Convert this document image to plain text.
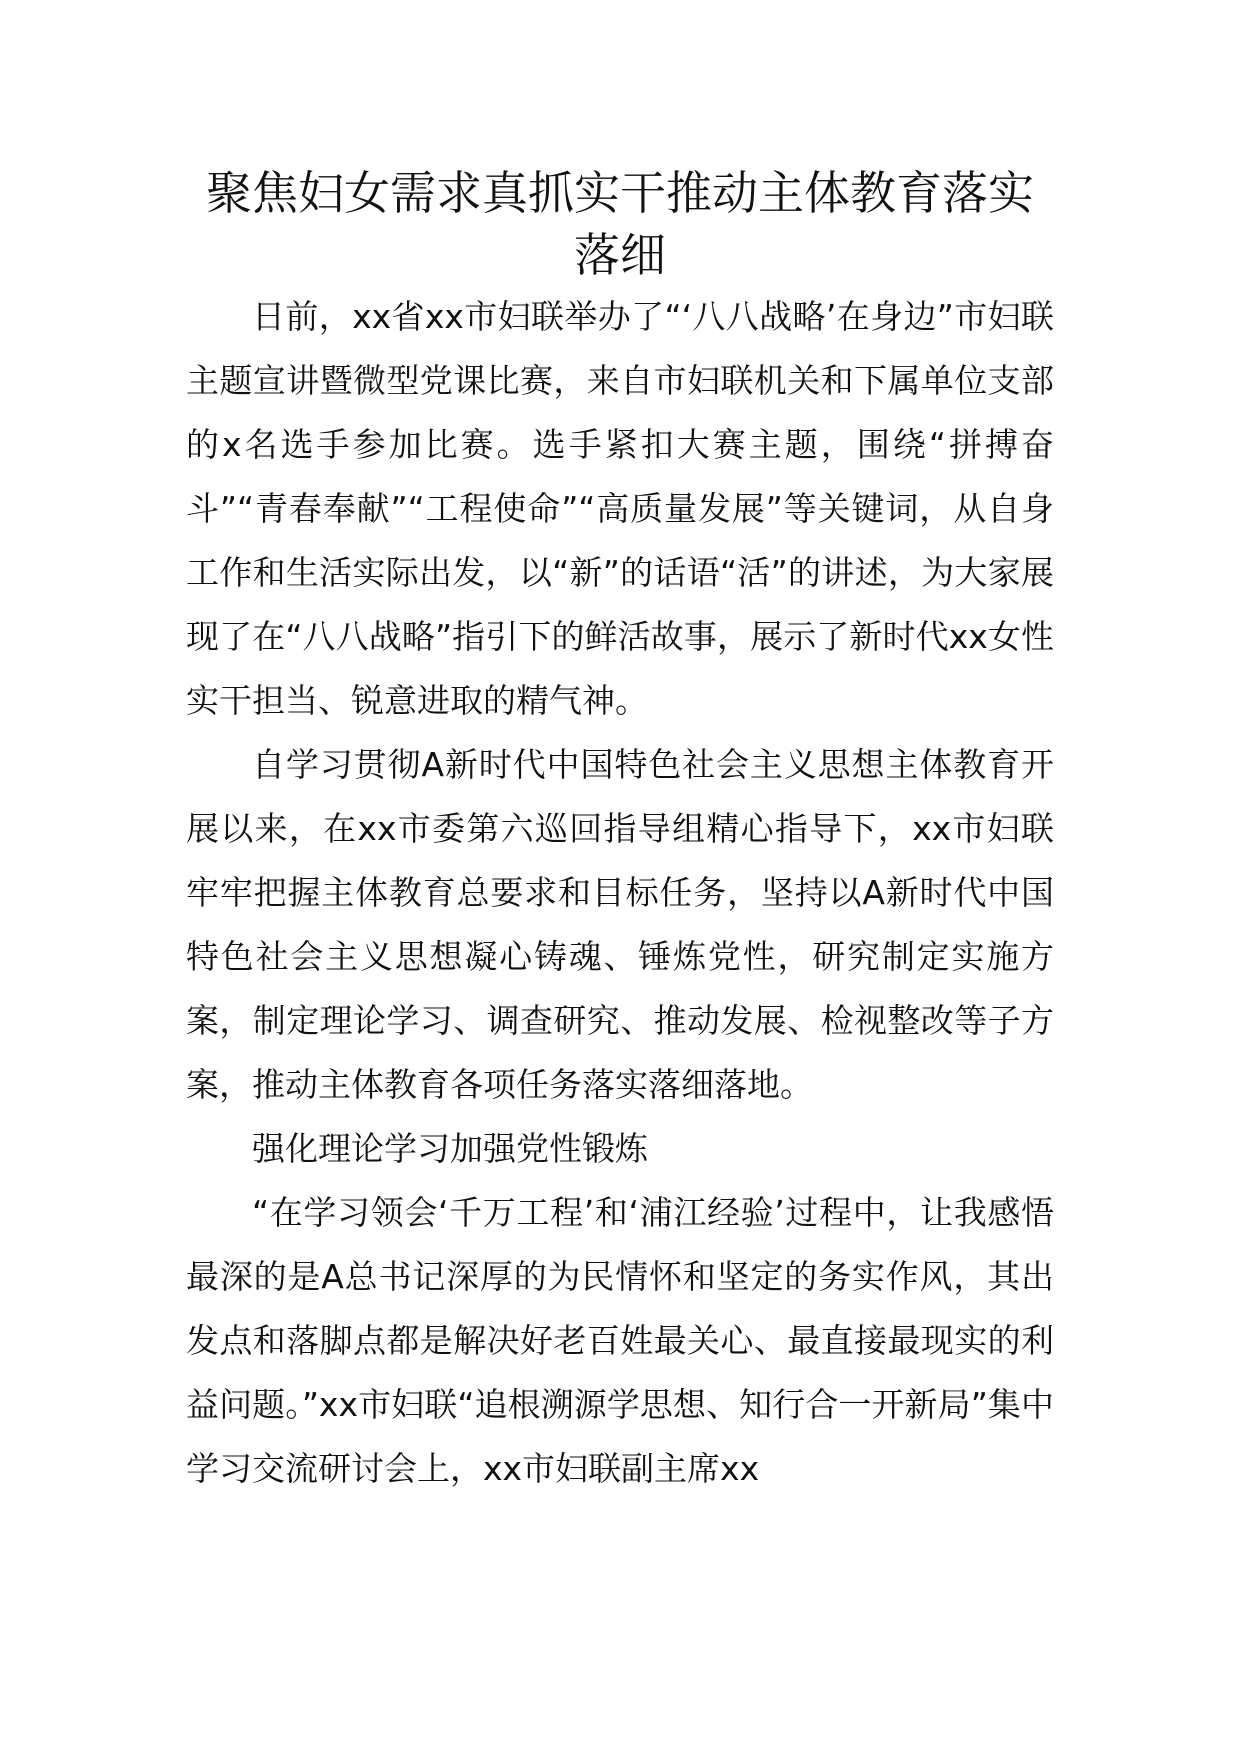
聚焦妇女需求真抓实干推动主体教育落实落细

日前，xx省xx市妇联举办了“‘八八战略’在身边”市妇联主题宣讲暨微型党课比赛，来自市妇联机关和下属单位支部的x名选手参加比赛。选手紧扣大赛主题，围绕“拼搏奋斗”“青春奉献”“工程使命”“高质量发展”等关键词，从自身工作和生活实际出发，以“新”的话语“活”的讲述，为大家展现了在“八八战略”指引下的鲜活故事，展示了新时代xx女性实干担当、锐意进取的精气神。

自学习贯彻A新时代中国特色社会主义思想主体教育开展以来，在xx市委第六巡回指导组精心指导下，xx市妇联牢牢把握主体教育总要求和目标任务，坚持以A新时代中国特色社会主义思想凝心铸魂、锤炼党性，研究制定实施方案，制定理论学习、调查研究、推动发展、检视整改等子方案，推动主体教育各项任务落实落细落地。

强化理论学习加强党性锻炼

“在学习领会‘千万工程’和‘浦江经验’过程中，让我感悟最深的是A总书记深厚的为民情怀和坚定的务实作风，其出发点和落脚点都是解决好老百姓最关心、最直接最现实的利益问题。”xx市妇联“追根溯源学思想、知行合一开新局”集中学习交流研讨会上，xx市妇联副主席xx
